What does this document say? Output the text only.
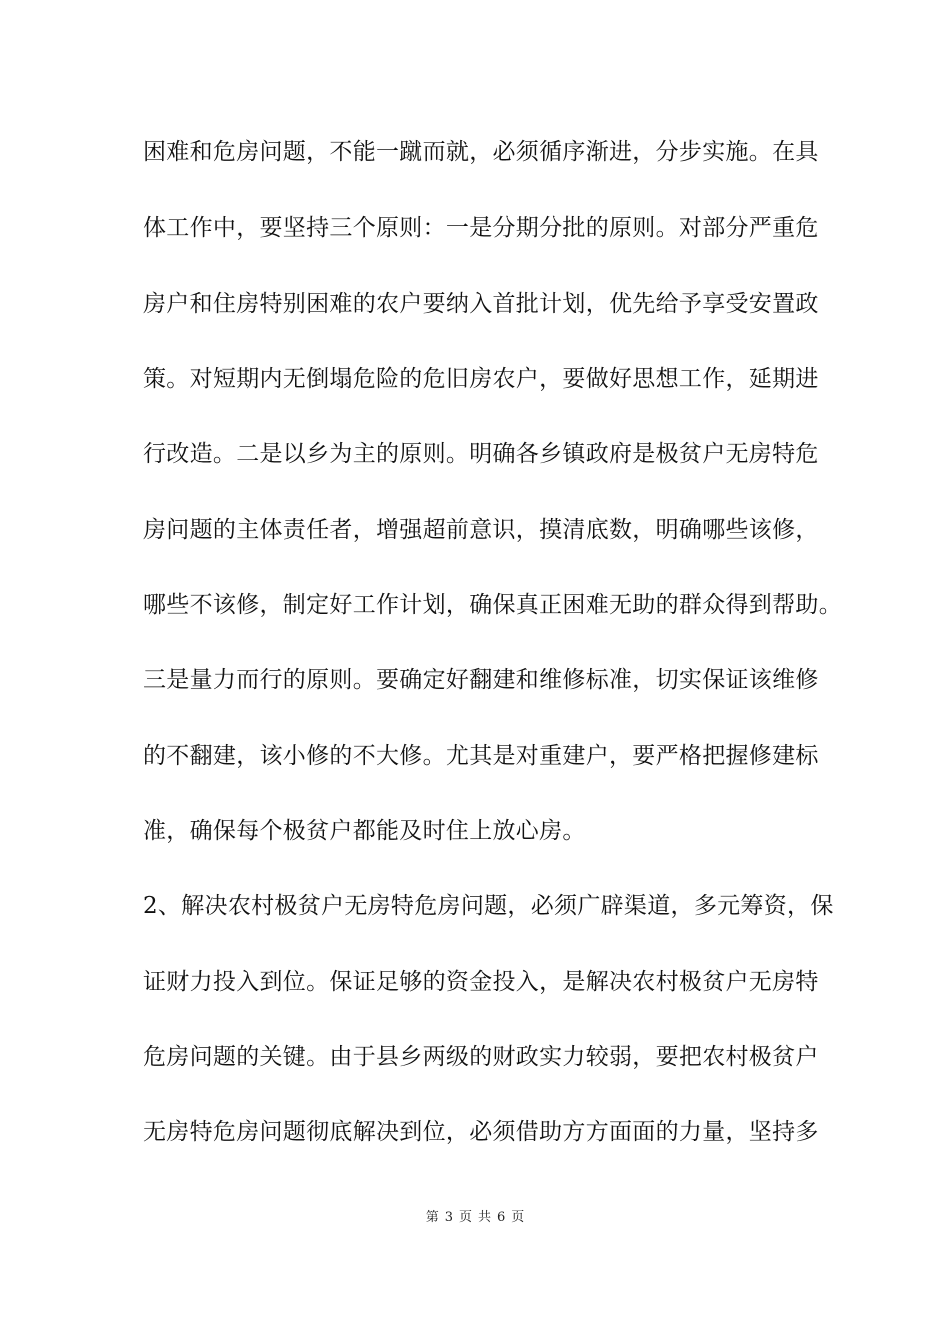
困难和危房问题，不能一蹴而就，必须循序渐进，分步实施。在具
体工作中，要坚持三个原则：一是分期分批的原则。对部分严重危
房户和住房特别困难的农户要纳入首批计划，优先给予享受安置政
策。对短期内无倒塌危险的危旧房农户，要做好思想工作，延期进
行改造。二是以乡为主的原则。明确各乡镇政府是极贫户无房特危
房问题的主体责任者，增强超前意识，摸清底数，明确哪些该修，
哪些不该修，制定好工作计划，确保真正困难无助的群众得到帮助。
三是量力而行的原则。要确定好翻建和维修标准，切实保证该维修
的不翻建，该小修的不大修。尤其是对重建户，要严格把握修建标
准，确保每个极贫户都能及时住上放心房。
2、解决农村极贫户无房特危房问题，必须广辟渠道，多元筹资，保
证财力投入到位。保证足够的资金投入，是解决农村极贫户无房特
危房问题的关键。由于县乡两级的财政实力较弱，要把农村极贫户
无房特危房问题彻底解决到位，必须借助方方面面的力量，坚持多
第 3 页 共 6 页
